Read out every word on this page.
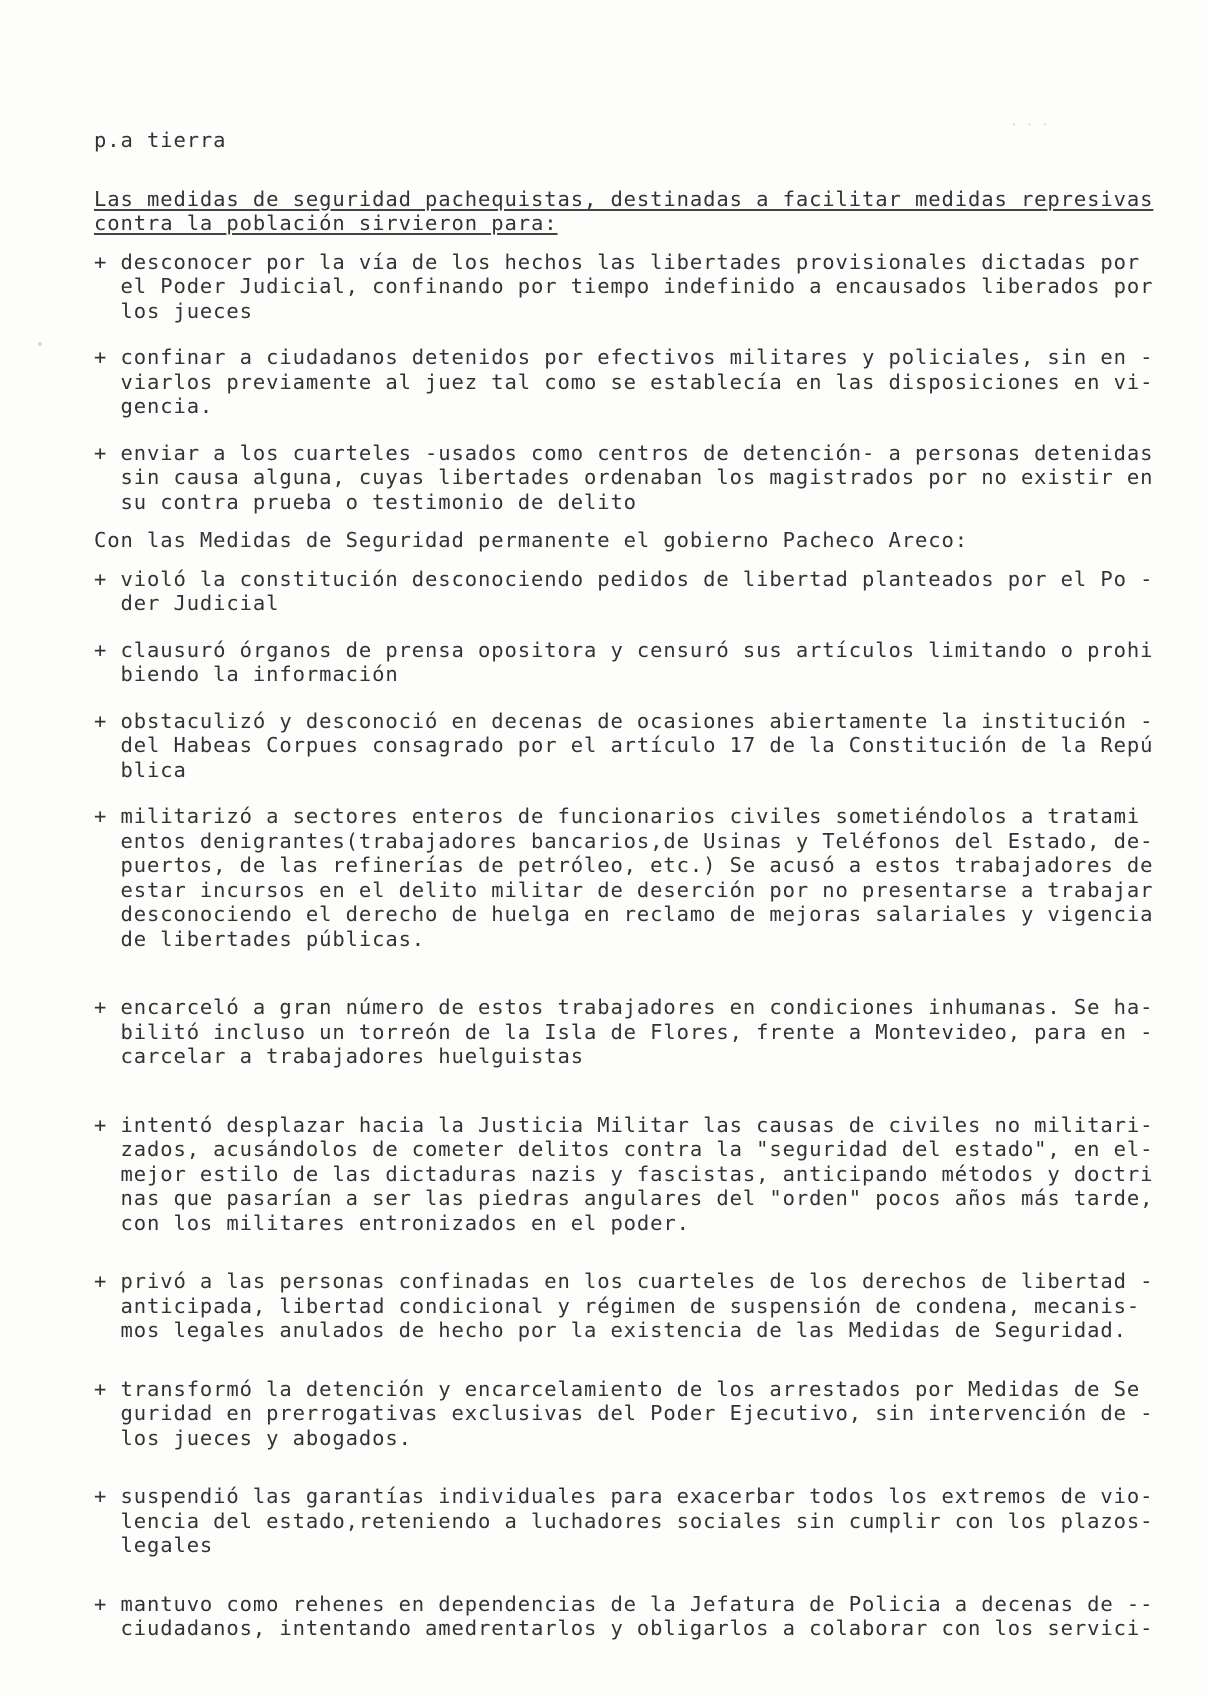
p.a tierra
Las medidas de seguridad pachequistas, destinadas a facilitar medidas represivas
contra la población sirvieron para:
+ desconocer por la vía de los hechos las libertades provisionales dictadas por
el Poder Judicial, confinando por tiempo indefinido a encausados liberados por
los jueces
+ confinar a ciudadanos detenidos por efectivos militares y policiales, sin en -
viarlos previamente al juez tal como se establecía en las disposiciones en vi-
gencia.
+ enviar a los cuarteles -usados como centros de detención- a personas detenidas
sin causa alguna, cuyas libertades ordenaban los magistrados por no existir en
su contra prueba o testimonio de delito
Con las Medidas de Seguridad permanente el gobierno Pacheco Areco:
+ violó la constitución desconociendo pedidos de libertad planteados por el Po -
der Judicial
+ clausuró órganos de prensa opositora y censuró sus artículos limitando o prohi
biendo la información
+ obstaculizó y desconoció en decenas de ocasiones abiertamente la institución -
del Habeas Corpues consagrado por el artículo 17 de la Constitución de la Repú
blica
+ militarizó a sectores enteros de funcionarios civiles sometiéndolos a tratami
entos denigrantes(trabajadores bancarios,de Usinas y Teléfonos del Estado, de-
puertos, de las refinerías de petróleo, etc.) Se acusó a estos trabajadores de
estar incursos en el delito militar de deserción por no presentarse a trabajar
desconociendo el derecho de huelga en reclamo de mejoras salariales y vigencia
de libertades públicas.
+ encarceló a gran número de estos trabajadores en condiciones inhumanas. Se ha-
bilitó incluso un torreón de la Isla de Flores, frente a Montevideo, para en -
carcelar a trabajadores huelguistas
+ intentó desplazar hacia la Justicia Militar las causas de civiles no militari-
zados, acusándolos de cometer delitos contra la "seguridad del estado", en el-
mejor estilo de las dictaduras nazis y fascistas, anticipando métodos y doctri
nas que pasarían a ser las piedras angulares del "orden" pocos años más tarde,
con los militares entronizados en el poder.
+ privó a las personas confinadas en los cuarteles de los derechos de libertad -
anticipada, libertad condicional y régimen de suspensión de condena, mecanis-
mos legales anulados de hecho por la existencia de las Medidas de Seguridad.
+ transformó la detención y encarcelamiento de los arrestados por Medidas de Se
guridad en prerrogativas exclusivas del Poder Ejecutivo, sin intervención de -
los jueces y abogados.
+ suspendió las garantías individuales para exacerbar todos los extremos de vio-
lencia del estado,reteniendo a luchadores sociales sin cumplir con los plazos-
legales
+ mantuvo como rehenes en dependencias de la Jefatura de Policia a decenas de --
ciudadanos, intentando amedrentarlos y obligarlos a colaborar con los servici-
· · ·
•
